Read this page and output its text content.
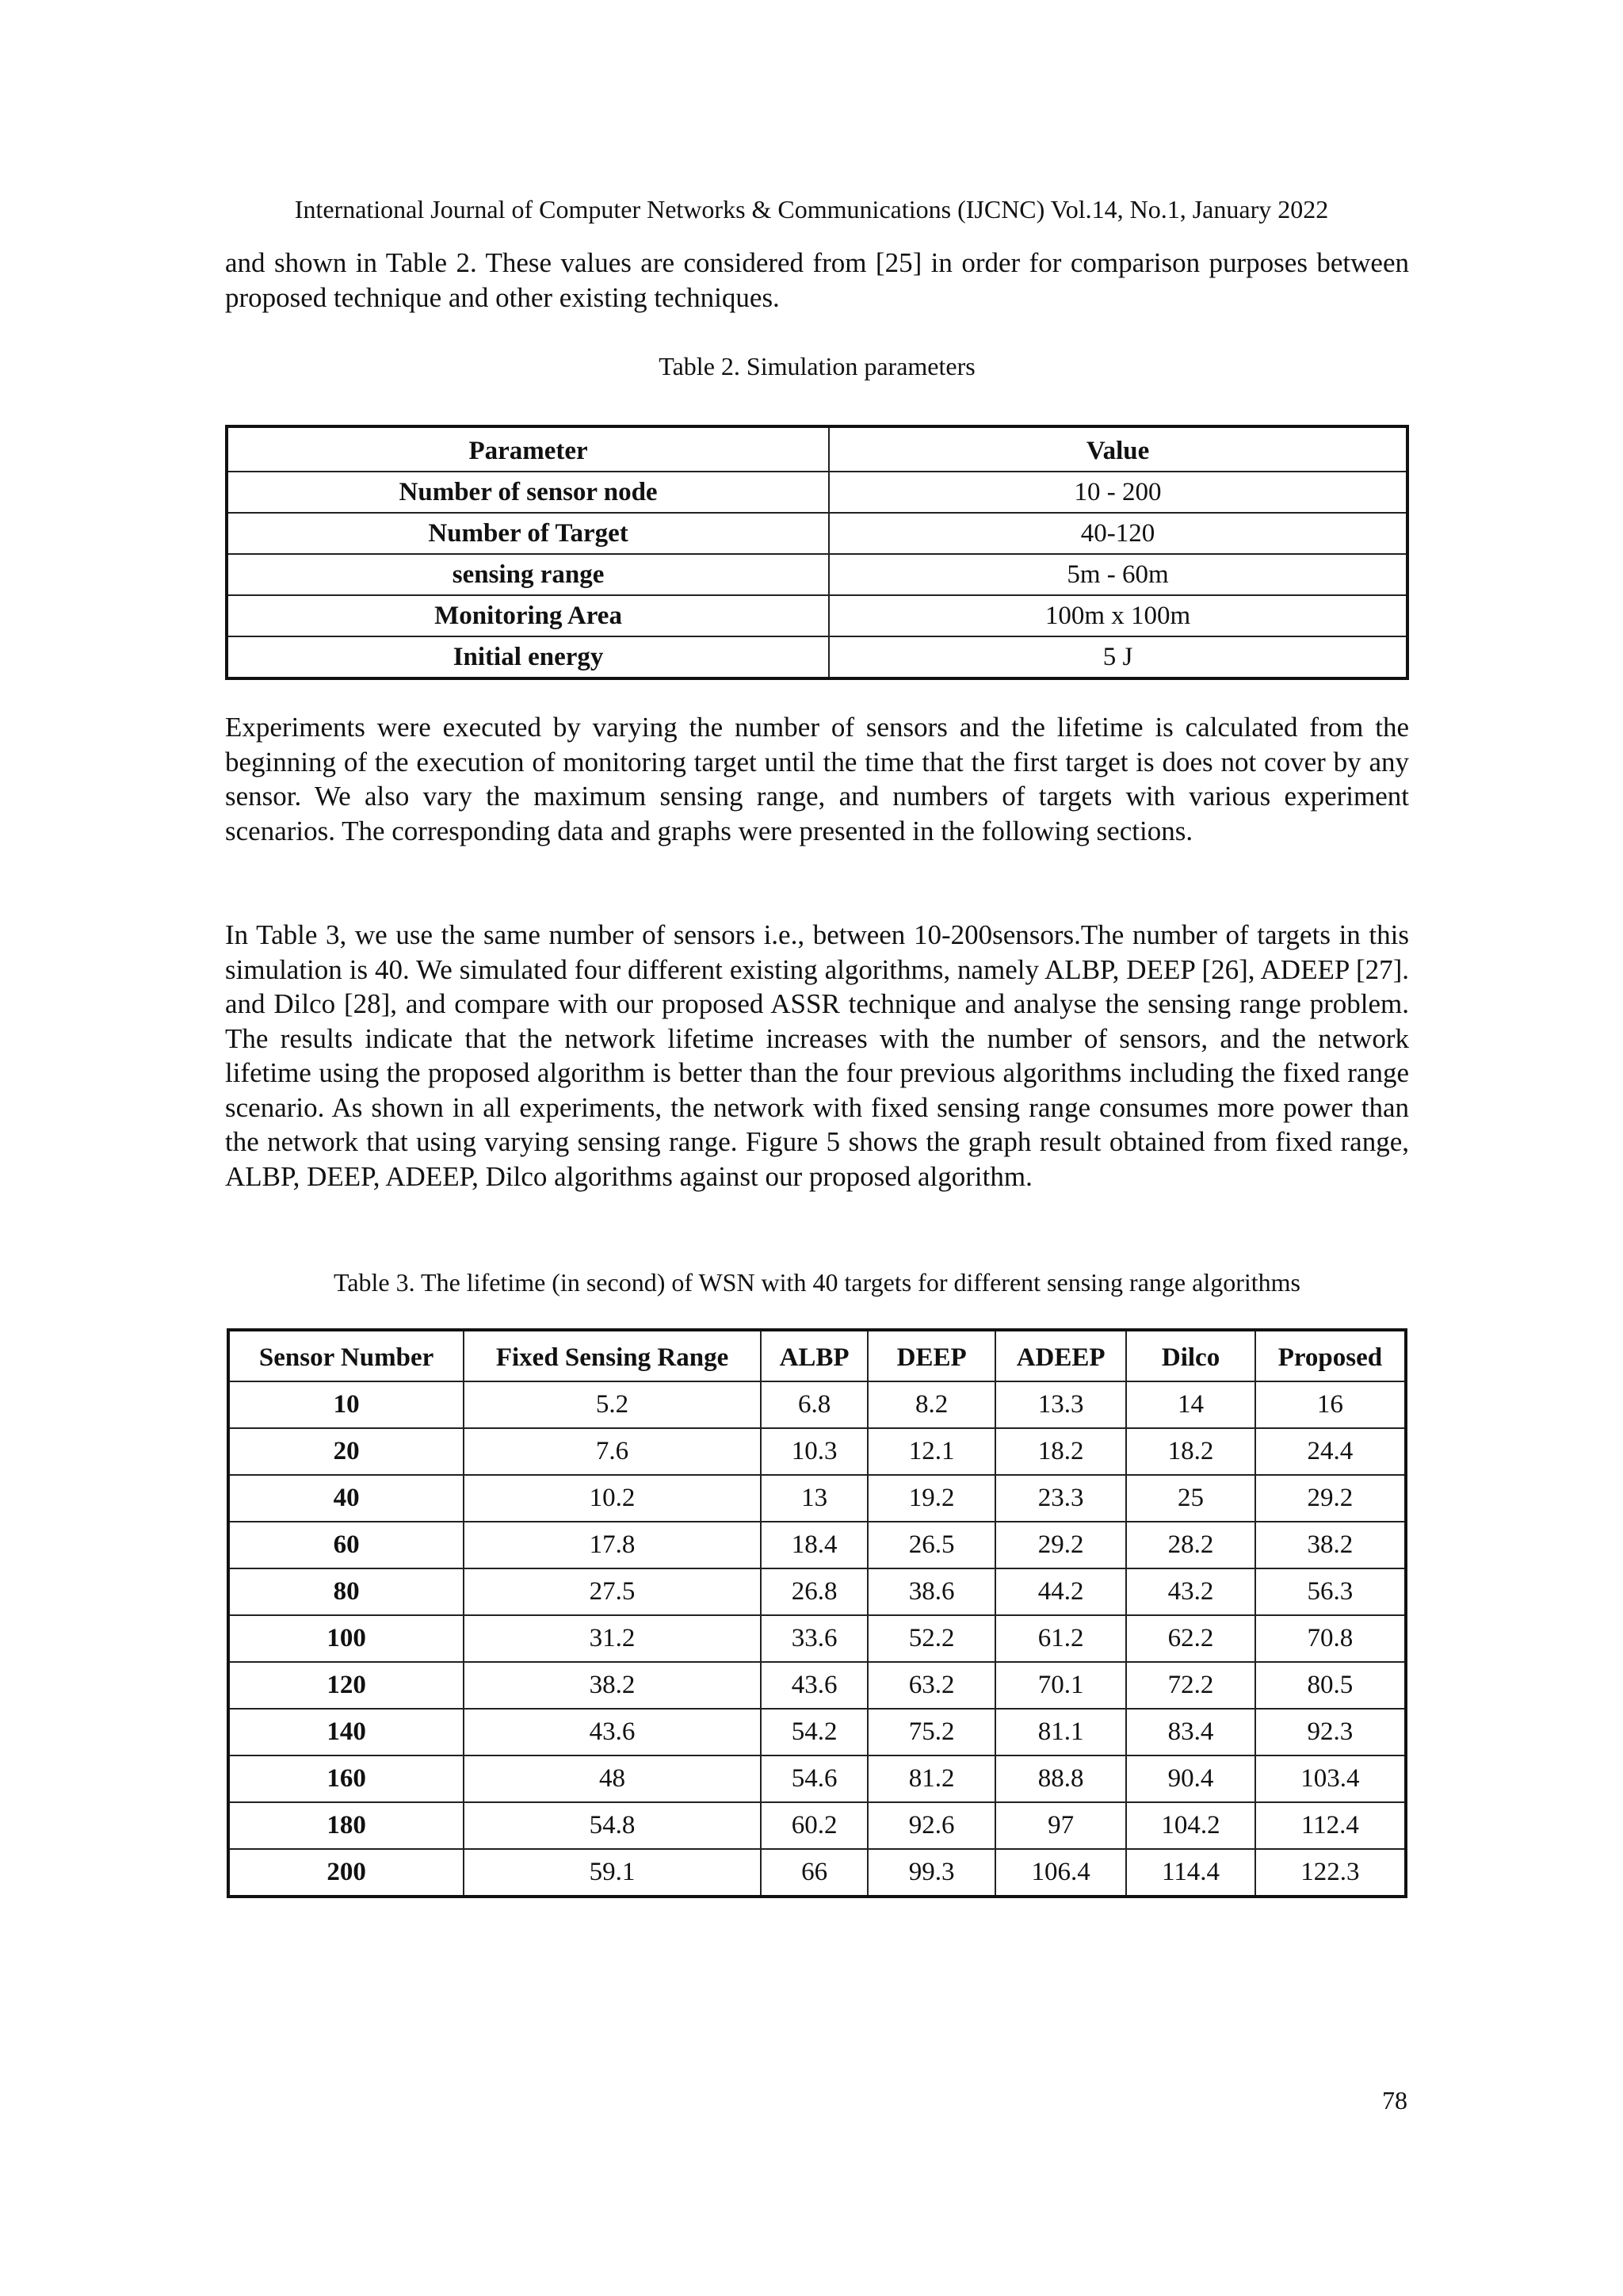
International Journal of Computer Networks & Communications (IJCNC) Vol.14, No.1, January 2022

and shown in Table 2. These values are considered from [25] in order for comparison purposes between proposed technique and other existing techniques.

Table 2. Simulation parameters
Parameter	Value
Number of sensor node	10 - 200
Number of Target	40-120
sensing range	5m - 60m
Monitoring Area	100m x 100m
Initial energy	5 J

Experiments were executed by varying the number of sensors and the lifetime is calculated from the beginning of the execution of monitoring target until the time that the first target is does not cover by any sensor. We also vary the maximum sensing range, and numbers of targets with various experiment scenarios. The corresponding data and graphs were presented in the following sections.

In Table 3, we use the same number of sensors i.e., between 10-200sensors.The number of targets in this simulation is 40. We simulated four different existing algorithms, namely ALBP, DEEP [26], ADEEP [27]. and Dilco [28], and compare with our proposed ASSR technique and analyse the sensing range problem. The results indicate that the network lifetime increases with the number of sensors, and the network lifetime using the proposed algorithm is better than the four previous algorithms including the fixed range scenario. As shown in all experiments, the network with fixed sensing range consumes more power than the network that using varying sensing range. Figure 5 shows the graph result obtained from fixed range, ALBP, DEEP, ADEEP, Dilco algorithms against our proposed algorithm.

Table 3. The lifetime (in second) of WSN with 40 targets for different sensing range algorithms
Sensor Number	Fixed Sensing Range	ALBP	DEEP	ADEEP	Dilco	Proposed
10	5.2	6.8	8.2	13.3	14	16
20	7.6	10.3	12.1	18.2	18.2	24.4
40	10.2	13	19.2	23.3	25	29.2
60	17.8	18.4	26.5	29.2	28.2	38.2
80	27.5	26.8	38.6	44.2	43.2	56.3
100	31.2	33.6	52.2	61.2	62.2	70.8
120	38.2	43.6	63.2	70.1	72.2	80.5
140	43.6	54.2	75.2	81.1	83.4	92.3
160	48	54.6	81.2	88.8	90.4	103.4
180	54.8	60.2	92.6	97	104.2	112.4
200	59.1	66	99.3	106.4	114.4	122.3
78
